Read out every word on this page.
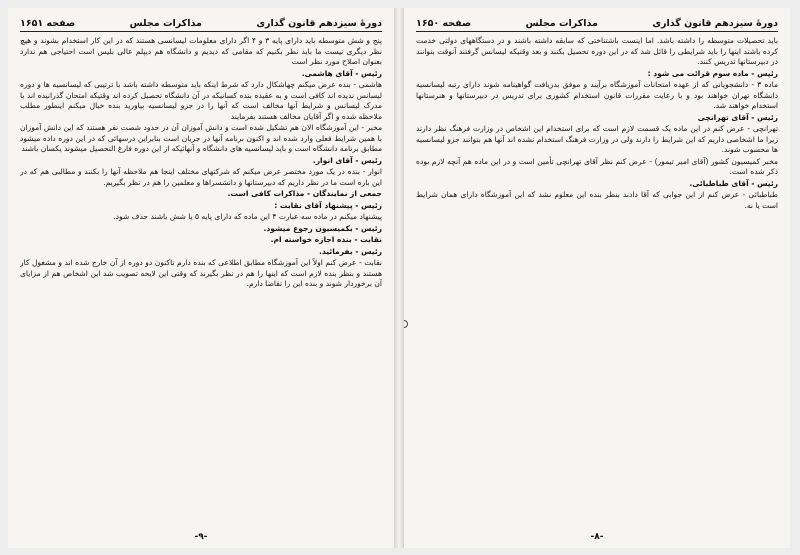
دورهٔ سیزدهم قانون گذاری
مذاکرات مجلس
صفحه ۱۶۵۱

پنج و شش متوسطه باید دارای پایه ۳ و ۴ اگر دارای معلومات لیسانسی هستند که در این کار استخدام بشوند و هیچ نظر دیگری نیست ما باید نظر بکنیم که مقامی که دیدیم و دانشگاه هم دیپلم عالی بلیس است احتیاجی هم ندارد بعنوان اصلاح مورد نظر است

رئیس - آقای هاشمی.

هاشمی - بنده عرض میکنم چهاشکال دارد که شرط اینکه باید متوسطه داشته باشد با ترتیبی که لیسانسیه ها و دوره لیسانس ندیده اند کافی است و به عقیده بنده کسانیکه در آن دانشگاه تحصیل کرده اند وقتیکه امتحان گذرانیده اند با مدرک لیسانس و شرایط آنها مخالف است که آنها را در جزو لیسانسیه بیاورید بنده خیال میکنم اینطور مطلب ملاحظه شده و اگر آقایان مخالف هستند بفرمایند

مخبر - این آموزشگاه الان هم تشکیل شده است و دانش آموزان آن در حدود شصت نفر هستند که این دانش آموزان با همین شرایط فعلی وارد شده اند و اکنون برنامه آنها در جریان است بنابراین درسهائی که در این دوره داده میشود مطابق برنامه دانشگاه است و باید لیسانسیه های دانشگاه و آنهائیکه از این دوره فارغ التحصیل میشوند یکسان باشند

رئیس - آقای انوار.

انوار - بنده در یک مورد مختصر عرض میکنم که شرکتهای مختلف اینجا هم ملاحظه آنها را بکنند و مطالبی هم که در این باره است ما در نظر داریم که دبیرستانها و دانشسراها و معلمین را هم در نظر بگیریم.

جمعی از نمایندگان - مذاکرات کافی است.

رئیس - پیشنهاد آقای نقابت :

پیشنهاد میکنم در ماده سه عبارت ۴ این ماده که دارای پایه ۵ یا شش باشند حذف شود.

رئیس - بکمیسیون رجوع میشود.

نقابت - بنده اجازه خواسته ام.

رئیس - بفرمائید.

نقابت - عرض کنم اولاً این آموزشگاه مطابق اطلاعی که بنده دارم تاکنون دو دوره از آن خارج شده اند و مشغول کار هستند و بنظر بنده لازم است که اینها را هم در نظر بگیرند که وقتی این لایحه تصویب شد این اشخاص هم از مزایای آن برخوردار شوند و بنده این را تقاضا دارم.

-۹-
دورهٔ سیزدهم قانون گذاری
مذاکرات مجلس
صفحه ۱۶۵۰

باید تحصیلات متوسطه را داشته باشد. اما اینست باشتناختی که سابقه داشته باشند و در دستگاههای دولتی خدمت کرده باشند اینها را باید شرایطی را قائل شد که در این دوره تحصیل بکنند و بعد وقتیکه لیسانس گرفتند آنوقت بتوانند در دبیرستانها تدریس کنند.

رئیس - ماده سوم قرائت می شود :

ماده ۳ - دانشجویانی که از عهده امتحانات آموزشگاه برآیند و موفق بدریافت گواهینامه شوند دارای رتبه لیسانسیه دانشگاه تهران خواهند بود و با رعایت مقررات قانون استخدام کشوری برای تدریس در دبیرستانها و هنرستانها استخدام خواهند شد.

رئیس - آقای تهرانچی

تهرانچی - عرض کنم در این ماده یک قسمت لازم است که برای استخدام این اشخاص در وزارت فرهنگ نظر دارند زیرا ما اشخاصی داریم که این شرایط را دارند ولی در وزارت فرهنگ استخدام نشده اند آنها هم بتوانند جزو لیسانسیه ها محسوب شوند.

مخبر کمیسیون کشور (آقای امیر تیمور) - عرض کنم نظر آقای تهرانچی تأمین است و در این ماده هم آنچه لازم بوده ذکر شده است.

رئیس - آقای طباطبائی.

طباطبائی - عرض کنم از این جوابی که آقا دادند بنظر بنده این معلوم نشد که این آموزشگاه دارای همان شرایط است یا نه.

-۸-
